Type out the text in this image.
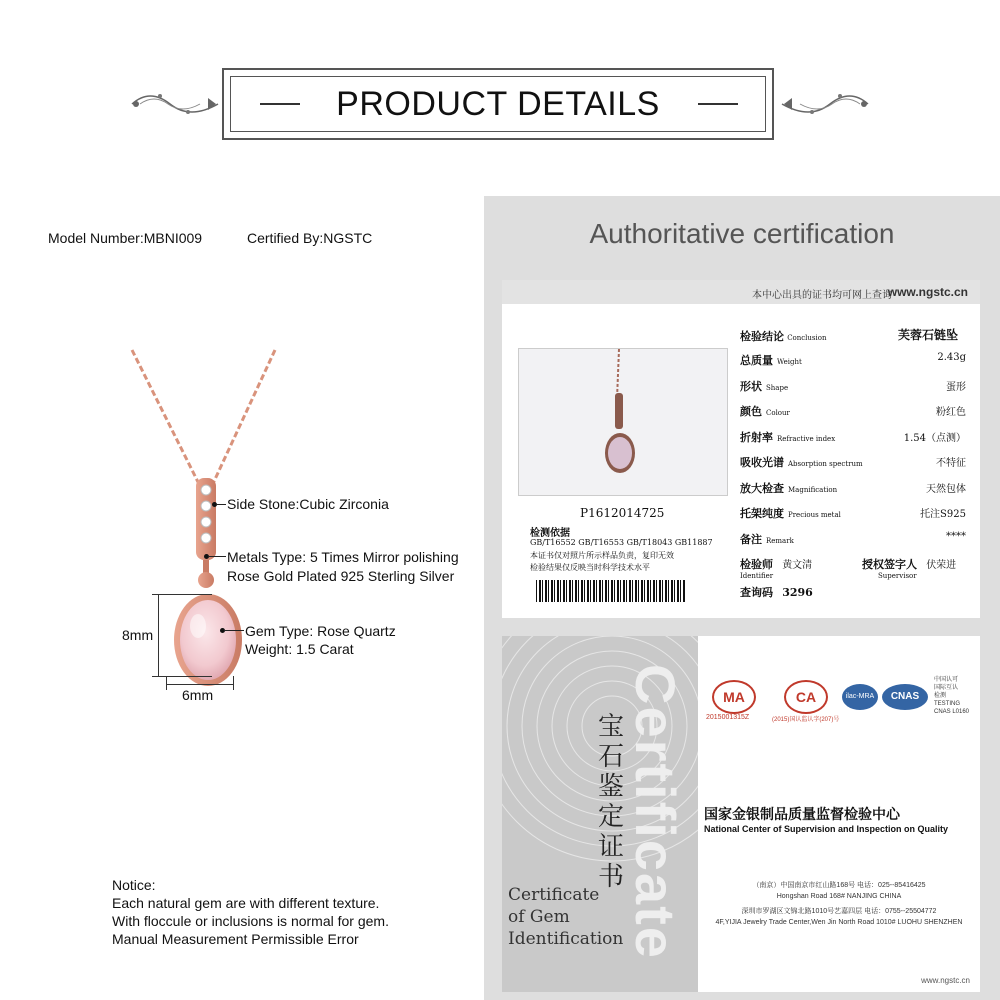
PRODUCT DETAILS
Model Number:MBNI009	Certified By:NGSTC
8mm
6mm
Side Stone:Cubic Zirconia
Metals Type: 5 Times Mirror polishing
Rose Gold Plated 925 Sterling Silver
Gem Type: Rose Quartz
Weight: 1.5 Carat
Notice:
Each natural gem are with different texture.
With floccule or inclusions is normal for gem.
Manual Measurement Permissible Error
Authoritative certification
本中心出具的证书均可网上查询
www.ngstc.cn
检验结论 Conclusion	芙蓉石链坠
总质量 Weight	2.43g
形状 Shape	蛋形
颜色 Colour	粉红色
折射率 Refractive index	1.54（点测）
吸收光谱 Absorption spectrum	不特征
放大检查 Magnification	天然包体
托架纯度 Precious metal	托注S925
备注 Remark	****
检验师 黄文清
Identifier
授权签字人 伏荣进
Supervisor
查询码 3296
P1612014725
检测依据
GB/T16552 GB/T16553 GB/T18043 GB11887
本证书仅对照片所示样品负责，复印无效
检验结果仅反映当时科学技术水平
Certificate
宝石鉴定证书
Certificate
of Gem
Identification
MA
2015001315Z
CA
(2015)国认监认字(207)号
ilac-MRA	CNAS
中国认可
国际互认
检测
TESTING
CNAS L0160
国家金银制品质量监督检验中心
National Center of Supervision and Inspection on Quality
（南京）中国南京市红山路168号 电话：025--85416425
Hongshan Road 168# NANJING CHINA
深圳市罗湖区文锦北路1010号艺嘉四层 电话：0755--25504772
4F,YIJIA Jewelry Trade Center,Wen Jin North Road 1010# LUOHU SHENZHEN
www.ngstc.cn
